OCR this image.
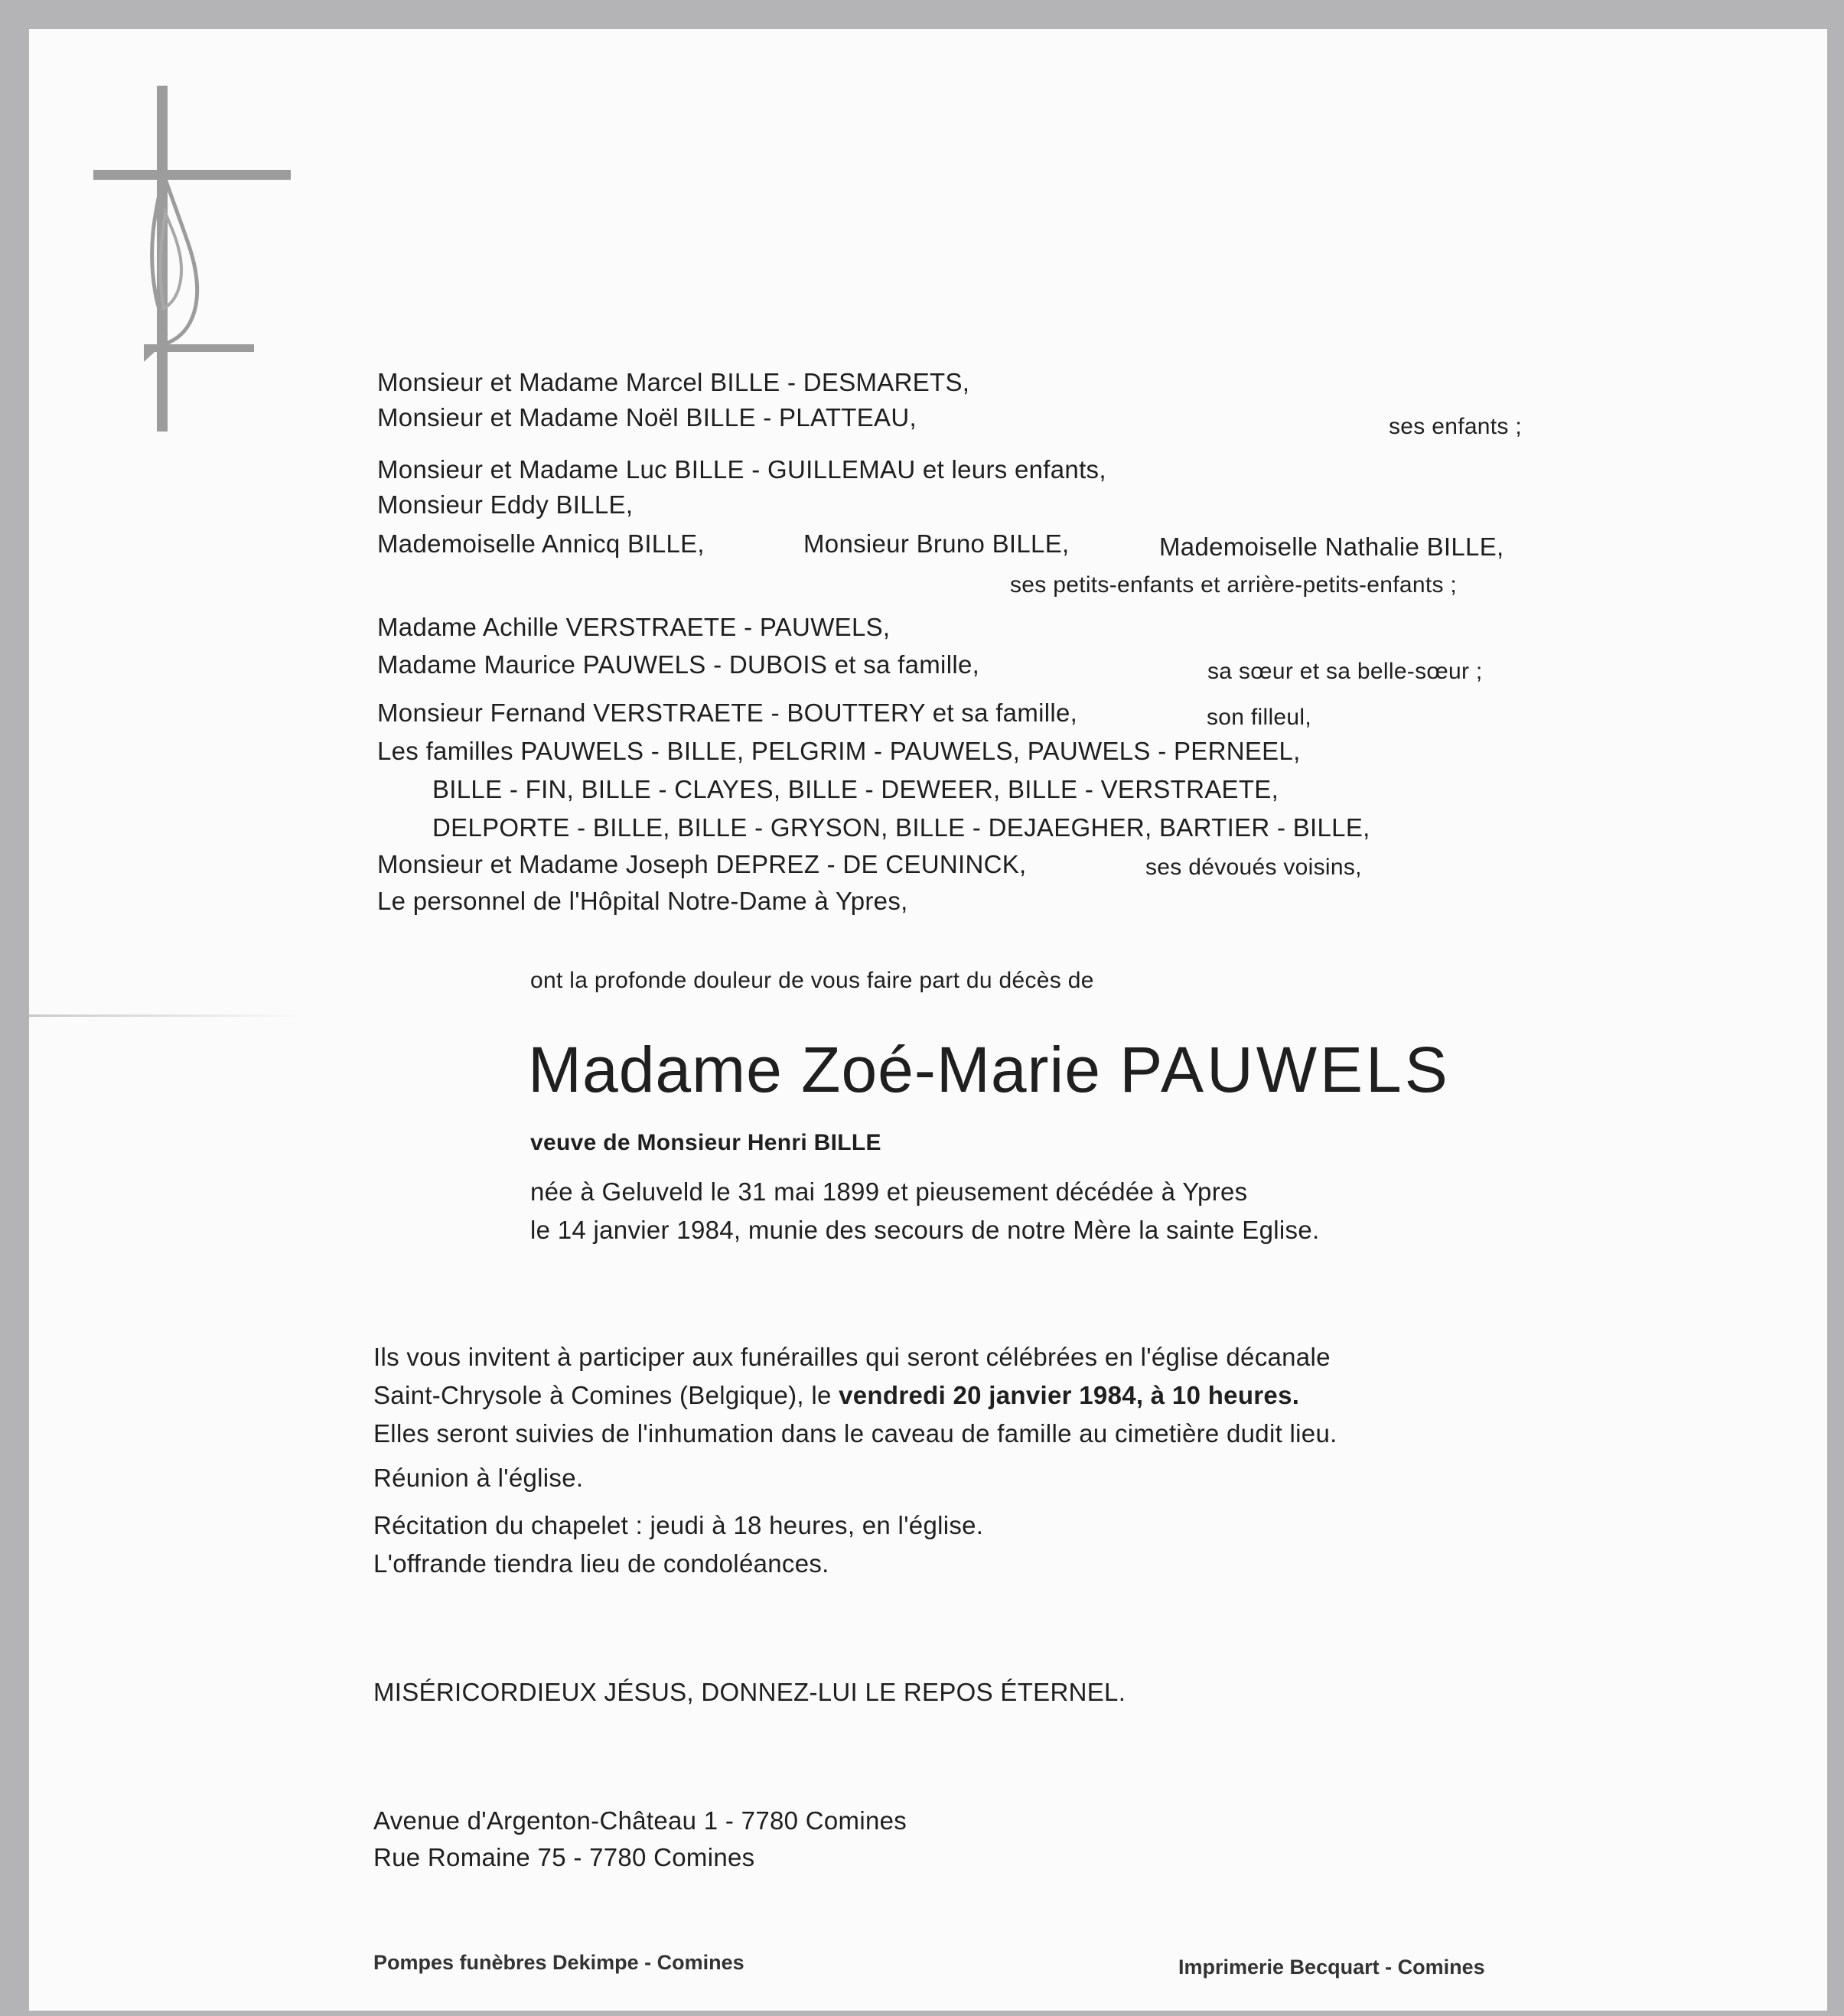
Monsieur et Madame Marcel BILLE - DESMARETS,
Monsieur et Madame Noël BILLE - PLATTEAU,	ses enfants ;
Monsieur et Madame Luc BILLE - GUILLEMAU et leurs enfants,
Monsieur Eddy BILLE,
Mademoiselle Annicq BILLE,	Monsieur Bruno BILLE,	Mademoiselle Nathalie BILLE,
ses petits-enfants et arrière-petits-enfants ;
Madame Achille VERSTRAETE - PAUWELS,
Madame Maurice PAUWELS - DUBOIS et sa famille,	sa sœur et sa belle-sœur ;
Monsieur Fernand VERSTRAETE - BOUTTERY et sa famille,	son filleul,
Les familles PAUWELS - BILLE, PELGRIM - PAUWELS, PAUWELS - PERNEEL,
BILLE - FIN, BILLE - CLAYES, BILLE - DEWEER, BILLE - VERSTRAETE,
DELPORTE - BILLE, BILLE - GRYSON, BILLE - DEJAEGHER, BARTIER - BILLE,
Monsieur et Madame Joseph DEPREZ - DE CEUNINCK,	ses dévoués voisins,
Le personnel de l'Hôpital Notre-Dame à Ypres,
ont la profonde douleur de vous faire part du décès de
Madame Zoé-Marie PAUWELS
veuve de Monsieur Henri BILLE
née à Geluveld le 31 mai 1899 et pieusement décédée à Ypres
le 14 janvier 1984, munie des secours de notre Mère la sainte Eglise.
Ils vous invitent à participer aux funérailles qui seront célébrées en l'église décanale
Saint-Chrysole à Comines (Belgique), le vendredi 20 janvier 1984, à 10 heures.
Elles seront suivies de l'inhumation dans le caveau de famille au cimetière dudit lieu.
Réunion à l'église.
Récitation du chapelet : jeudi à 18 heures, en l'église.
L'offrande tiendra lieu de condoléances.
MISÉRICORDIEUX JÉSUS, DONNEZ-LUI LE REPOS ÉTERNEL.
Avenue d'Argenton-Château 1 - 7780 Comines
Rue Romaine 75 - 7780 Comines
Pompes funèbres Dekimpe - Comines	Imprimerie Becquart - Comines
